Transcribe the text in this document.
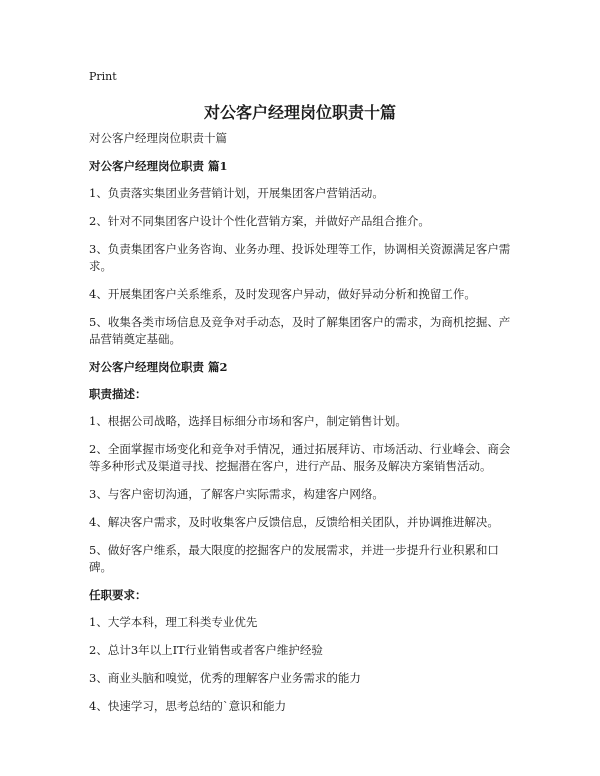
Print
对公客户经理岗位职责十篇

对公客户经理岗位职责十篇

对公客户经理岗位职责 篇1

1、负责落实集团业务营销计划，开展集团客户营销活动。

2、针对不同集团客户设计个性化营销方案，并做好产品组合推介。

3、负责集团客户业务咨询、业务办理、投诉处理等工作，协调相关资源满足客户需求。

4、开展集团客户关系维系，及时发现客户异动，做好异动分析和挽留工作。

5、收集各类市场信息及竞争对手动态，及时了解集团客户的需求，为商机挖掘、产品营销奠定基础。

对公客户经理岗位职责 篇2

职责描述：

1、根据公司战略，选择目标细分市场和客户，制定销售计划。

2、全面掌握市场变化和竞争对手情况，通过拓展拜访、市场活动、行业峰会、商会等多种形式及渠道寻找、挖掘潜在客户，进行产品、服务及解决方案销售活动。

3、与客户密切沟通，了解客户实际需求，构建客户网络。

4、解决客户需求，及时收集客户反馈信息，反馈给相关团队，并协调推进解决。

5、做好客户维系，最大限度的挖掘客户的发展需求，并进一步提升行业积累和口碑。

任职要求：

1、大学本科，理工科类专业优先

2、总计3年以上IT行业销售或者客户维护经验

3、商业头脑和嗅觉，优秀的理解客户业务需求的能力

4、快速学习，思考总结的`意识和能力
